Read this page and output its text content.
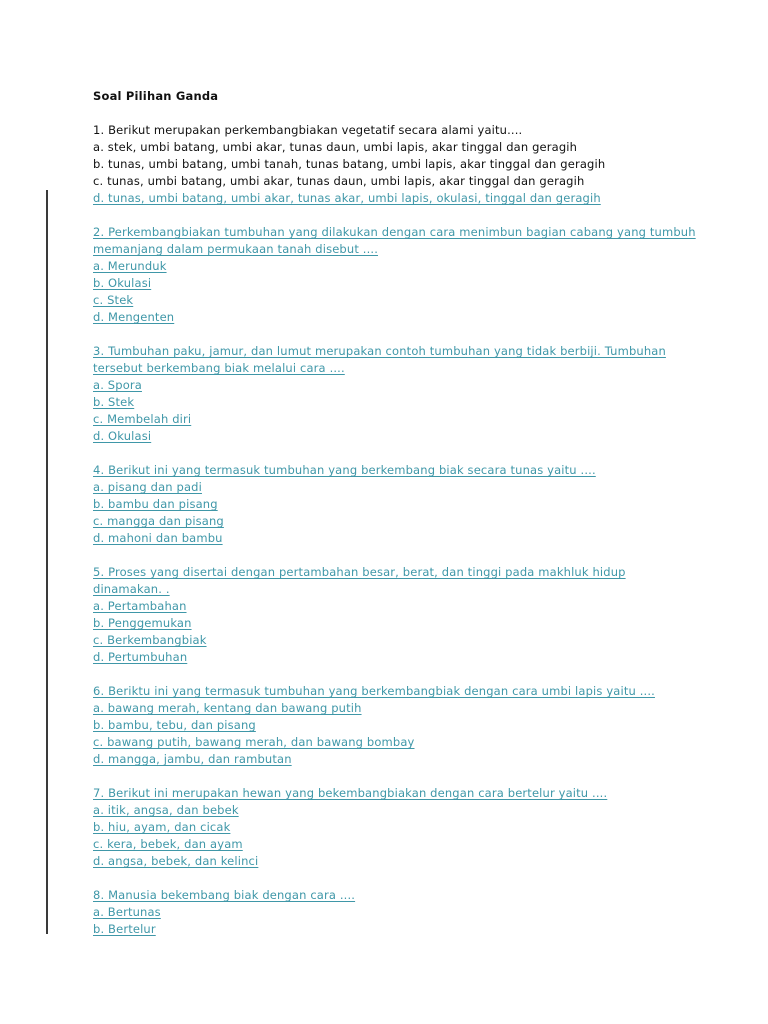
Soal Pilihan Ganda
1. Berikut merupakan perkembangbiakan vegetatif secara alami yaitu....
a. stek, umbi batang, umbi akar, tunas daun, umbi lapis, akar tinggal dan geragih
b. tunas, umbi batang, umbi tanah, tunas batang, umbi lapis, akar tinggal dan geragih
c. tunas, umbi batang, umbi akar, tunas daun, umbi lapis, akar tinggal dan geragih
d. tunas, umbi batang, umbi akar, tunas akar, umbi lapis, okulasi, tinggal dan geragih
2. Perkembangbiakan tumbuhan yang dilakukan dengan cara menimbun bagian cabang yang tumbuh
memanjang dalam permukaan tanah disebut ....
a. Merunduk
b. Okulasi
c. Stek
d. Mengenten
3. Tumbuhan paku, jamur, dan lumut merupakan contoh tumbuhan yang tidak berbiji. Tumbuhan
tersebut berkembang biak melalui cara ....
a. Spora
b. Stek
c. Membelah diri
d. Okulasi
4. Berikut ini yang termasuk tumbuhan yang berkembang biak secara tunas yaitu ....
a. pisang dan padi
b. bambu dan pisang
c. mangga dan pisang
d. mahoni dan bambu
5. Proses yang disertai dengan pertambahan besar, berat, dan tinggi pada makhluk hidup
dinamakan. .
a. Pertambahan
b. Penggemukan
c. Berkembangbiak
d. Pertumbuhan
6. Beriktu ini yang termasuk tumbuhan yang berkembangbiak dengan cara umbi lapis yaitu ....
a. bawang merah, kentang dan bawang putih
b. bambu, tebu, dan pisang
c. bawang putih, bawang merah, dan bawang bombay
d. mangga, jambu, dan rambutan
7. Berikut ini merupakan hewan yang bekembangbiakan dengan cara bertelur yaitu ....
a. itik, angsa, dan bebek
b. hiu, ayam, dan cicak
c. kera, bebek, dan ayam
d. angsa, bebek, dan kelinci
8. Manusia bekembang biak dengan cara ....
a. Bertunas
b. Bertelur
